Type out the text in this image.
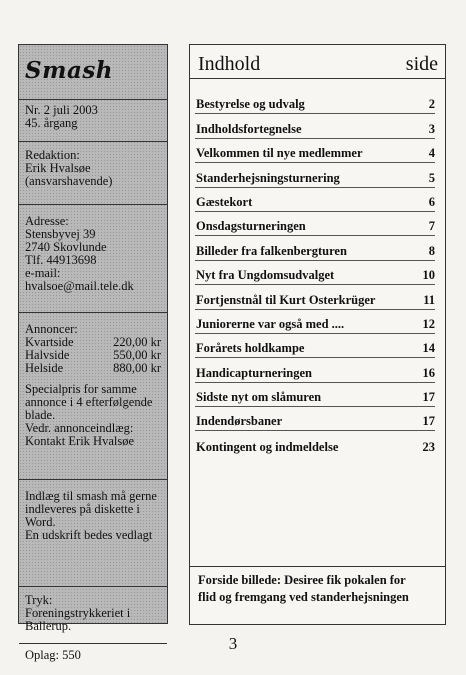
Smash
Nr. 2 juli 2003
45. årgang
Redaktion:
Erik Hvalsøe
(ansvarshavende)
Adresse:
Stensbyvej 39
2740 Skovlunde
Tlf. 44913698
e-mail:
hvalsoe@mail.tele.dk
Annoncer:
Kvartside	220,00 kr
Halvside	550,00 kr
Helside	880,00 kr
Specialpris for samme
annonce i 4 efterfølgende
blade.
Vedr. annonceindlæg:
Kontakt Erik Hvalsøe
Indlæg til smash må gerne
indleveres på diskette i
Word.
En udskrift bedes vedlagt
Tryk:
Foreningstrykkeriet i
Ballerup.
Oplag: 550
Indhold	side
Bestyrelse og udvalg	2
Indholdsfortegnelse	3
Velkommen til nye medlemmer	4
Standerhejsningsturnering	5
Gæstekort	6
Onsdagsturneringen	7
Billeder fra falkenbergturen	8
Nyt fra Ungdomsudvalget	10
Fortjenstnål til Kurt Osterkrüger	11
Juniorerne var også med ....	12
Forårets holdkampe	14
Handicapturneringen	16
Sidste nyt om slåmuren	17
Indendørsbaner	17
Kontingent og indmeldelse	23
Forside billede: Desiree fik pokalen for
flid og fremgang ved standerhejsningen
3
